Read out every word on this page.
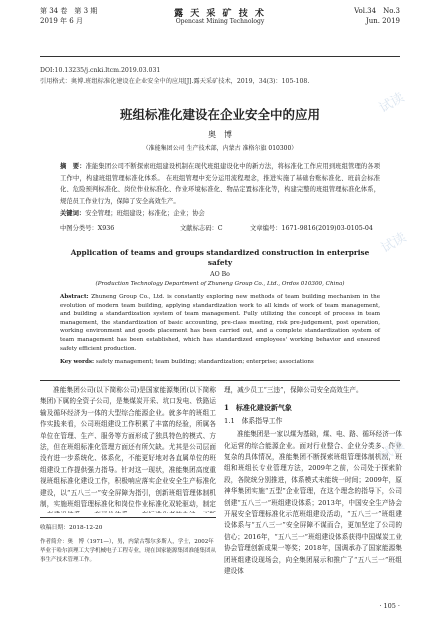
第 34 卷　第 3 期
2019 年 6 月
露 天 采 矿 技 术
Opencast Mining Technology
Vol.34　No.3
Jun. 2019
DOI:10.13235/j.cnki.ltcm.2019.03.031
引用格式：奥博.班组标准化建设在企业安全中的应用[J].露天采矿技术，2019，34(3)：105-108.
班组标准化建设在企业安全中的应用
奥　博
（准能集团公司 生产技术部，内蒙古 准格尔旗 010300）
摘　要：准能集团公司不断探索班组建设机制在现代班组建设化中的新方法，将标准化工作应用到班组管理的各项工作中，构建班组管理标准化体系。 在班组管理中充分运用流程理念，推进实施了基础台账标准化、班前会标准化、危险预判标准化、岗位作业标准化、作业环境标准化、物品定置标准化等，构建完整的班组管理标准化体系，规范员工作业行为，保障了安全高效生产。
关键词：安全管理；班组建设；标准化；企业；协会
中图分类号：X936	文献标志码：C	文章编号：1671-9816(2019)03-0105-04
Application of teams and groups standardized construction in enterprise safety
AO Bo
(Production Technology Department of Zhuneng Group Co., Ltd., Ordos 010300, China)
Abstract: Zhuneng Group Co., Ltd. is constantly exploring new methods of team building mechanism in the evolution of modern team building, applying standardization work to all kinds of work of team management, and building a standardization system of team management. Fully utilizing the concept of process in team management, the standardization of basic accounting, pre-class meeting, risk pre-judgement, post operation, working environment and goods placement has been carried out, and a complete standardization system of team management has been established, which has standardized employees' working behavior and ensured safety efficient production.
Key words: safety management; team building; standardization; enterprise; associations
准能集团公司(以下简称公司)是国家能源集团(以下简称集团)下属的全资子公司，是集煤炭开采、坑口发电、铁路运输及循环经济为一体的大型综合能源企业。就多年的班组工作实践来看，公司班组建设工作积累了丰富的经验，所属各单位在管理、生产、服务等方面形成了独具特色的模式、方法，但在班组标准化管理方面还有所欠缺。尤其是公司层面没有进一步系统化、体系化，不能更好地对各直属单位的班组建设工作提供强力指导。针对这一现状，准能集团高度重视班组标准化建设工作，积极响应落实企业安全生产标准化建设，以“五八三一”安全屏障为指引，创新班组管理体制机制，实施班组管理标准化和岗位作业标准化双轮驱动，制定
收稿日期：2018-12-20
作者简介：奥　博（1971—），男，内蒙古鄂尔多斯人，学士，2002年毕业于哈尔滨理工大学机械电子工程专业，现在国家能源集团准能集团从事生产技术管理工作。
理，减少员工“三违”，保障公司安全高效生产。
1　标准化建设新气象
1.1　体系指导工作
准能集团是一家以煤为基础，煤、电、路、循环经济一体化运营的综合能源企业。面对行业整合、企业分类多、作业复杂的具体情况，准能集团不断探索班组管理体制机制，班组和班组长专业管理方法，2009年之前，公司处于探索阶段，各院统分别推进，体系模式未能统一时间；2009年，原神华集团实施“五型”企业管理，在这个理念的指导下，公司创建“五八三一”班组建设体系；2013年，中国安全生产协会开展安全管理标准化示范班组建设活动，“五八三一”班组建设体系与“五八三一”安全屏障不谋而合，更加坚定了公司的信心；2016年，“五八三一”班组建设体系获得中国煤炭工业协会管理创新成果一等奖；2018年，国调承办了国家能源集团班组建设现场会，向全集团展示和推广了“五八三一”班组建设体
· 105 ·
试读
试读
试读
